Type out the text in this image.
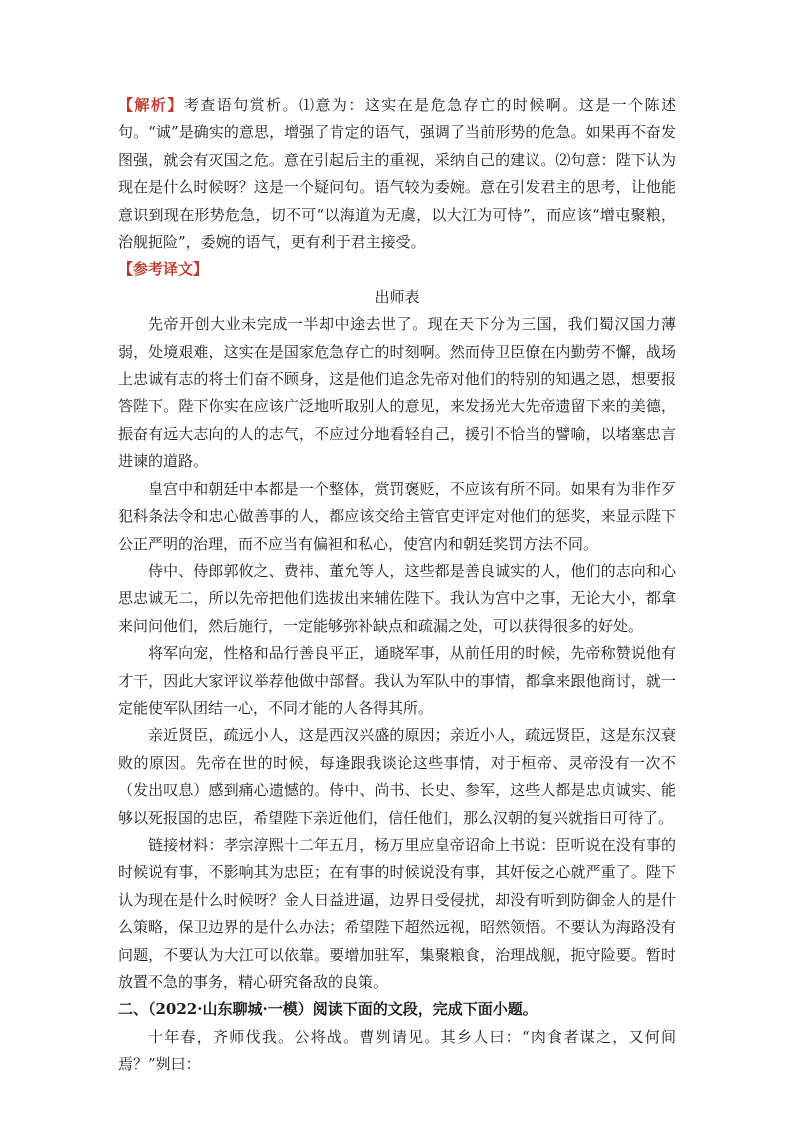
【解析】考查语句赏析。⑴意为：这实在是危急存亡的时候啊。这是一个陈述句。“诚”是确实的意思，增强了肯定的语气，强调了当前形势的危急。如果再不奋发图强，就会有灭国之危。意在引起后主的重视，采纳自己的建议。⑵句意：陛下认为现在是什么时候呀？这是一个疑问句。语气较为委婉。意在引发君主的思考，让他能意识到现在形势危急，切不可“以海道为无虞，以大江为可恃”，而应该“增屯聚粮，治舰扼险”，委婉的语气，更有利于君主接受。

【参考译文】

出师表

先帝开创大业未完成一半却中途去世了。现在天下分为三国，我们蜀汉国力薄弱，处境艰难，这实在是国家危急存亡的时刻啊。然而侍卫臣僚在内勤劳不懈，战场上忠诚有志的将士们奋不顾身，这是他们追念先帝对他们的特别的知遇之恩，想要报答陛下。陛下你实在应该广泛地听取别人的意见，来发扬光大先帝遗留下来的美德，振奋有远大志向的人的志气，不应过分地看轻自己，援引不恰当的譬喻，以堵塞忠言进谏的道路。

皇宫中和朝廷中本都是一个整体，赏罚褒贬，不应该有所不同。如果有为非作歹犯科条法令和忠心做善事的人，都应该交给主管官吏评定对他们的惩奖，来显示陛下公正严明的治理，而不应当有偏袒和私心，使宫内和朝廷奖罚方法不同。

侍中、侍郎郭攸之、费祎、董允等人，这些都是善良诚实的人，他们的志向和心思忠诚无二，所以先帝把他们选拔出来辅佐陛下。我认为宫中之事，无论大小，都拿来问问他们，然后施行，一定能够弥补缺点和疏漏之处，可以获得很多的好处。

将军向宠，性格和品行善良平正，通晓军事，从前任用的时候，先帝称赞说他有才干，因此大家评议举荐他做中部督。我认为军队中的事情，都拿来跟他商讨，就一定能使军队团结一心，不同才能的人各得其所。

亲近贤臣，疏远小人，这是西汉兴盛的原因；亲近小人，疏远贤臣，这是东汉衰败的原因。先帝在世的时候，每逢跟我谈论这些事情，对于桓帝、灵帝没有一次不（发出叹息）感到痛心遗憾的。侍中、尚书、长史、参军，这些人都是忠贞诚实、能够以死报国的忠臣，希望陛下亲近他们，信任他们，那么汉朝的复兴就指日可待了。

链接材料：孝宗淳熙十二年五月，杨万里应皇帝诏命上书说：臣听说在没有事的时候说有事，不影响其为忠臣；在有事的时候说没有事，其奸佞之心就严重了。陛下认为现在是什么时候呀？金人日益进逼，边界日受侵扰，却没有听到防御金人的是什么策略，保卫边界的是什么办法；希望陛下超然远视，昭然领悟。不要认为海路没有问题，不要认为大江可以依靠。要增加驻军，集聚粮食，治理战舰，扼守险要。暂时放置不急的事务，精心研究备敌的良策。

二、（2022·山东聊城·一模）阅读下面的文段，完成下面小题。

十年春，齐师伐我。公将战。曹刿请见。其乡人曰：“肉食者谋之，又何间焉？”刿曰：
